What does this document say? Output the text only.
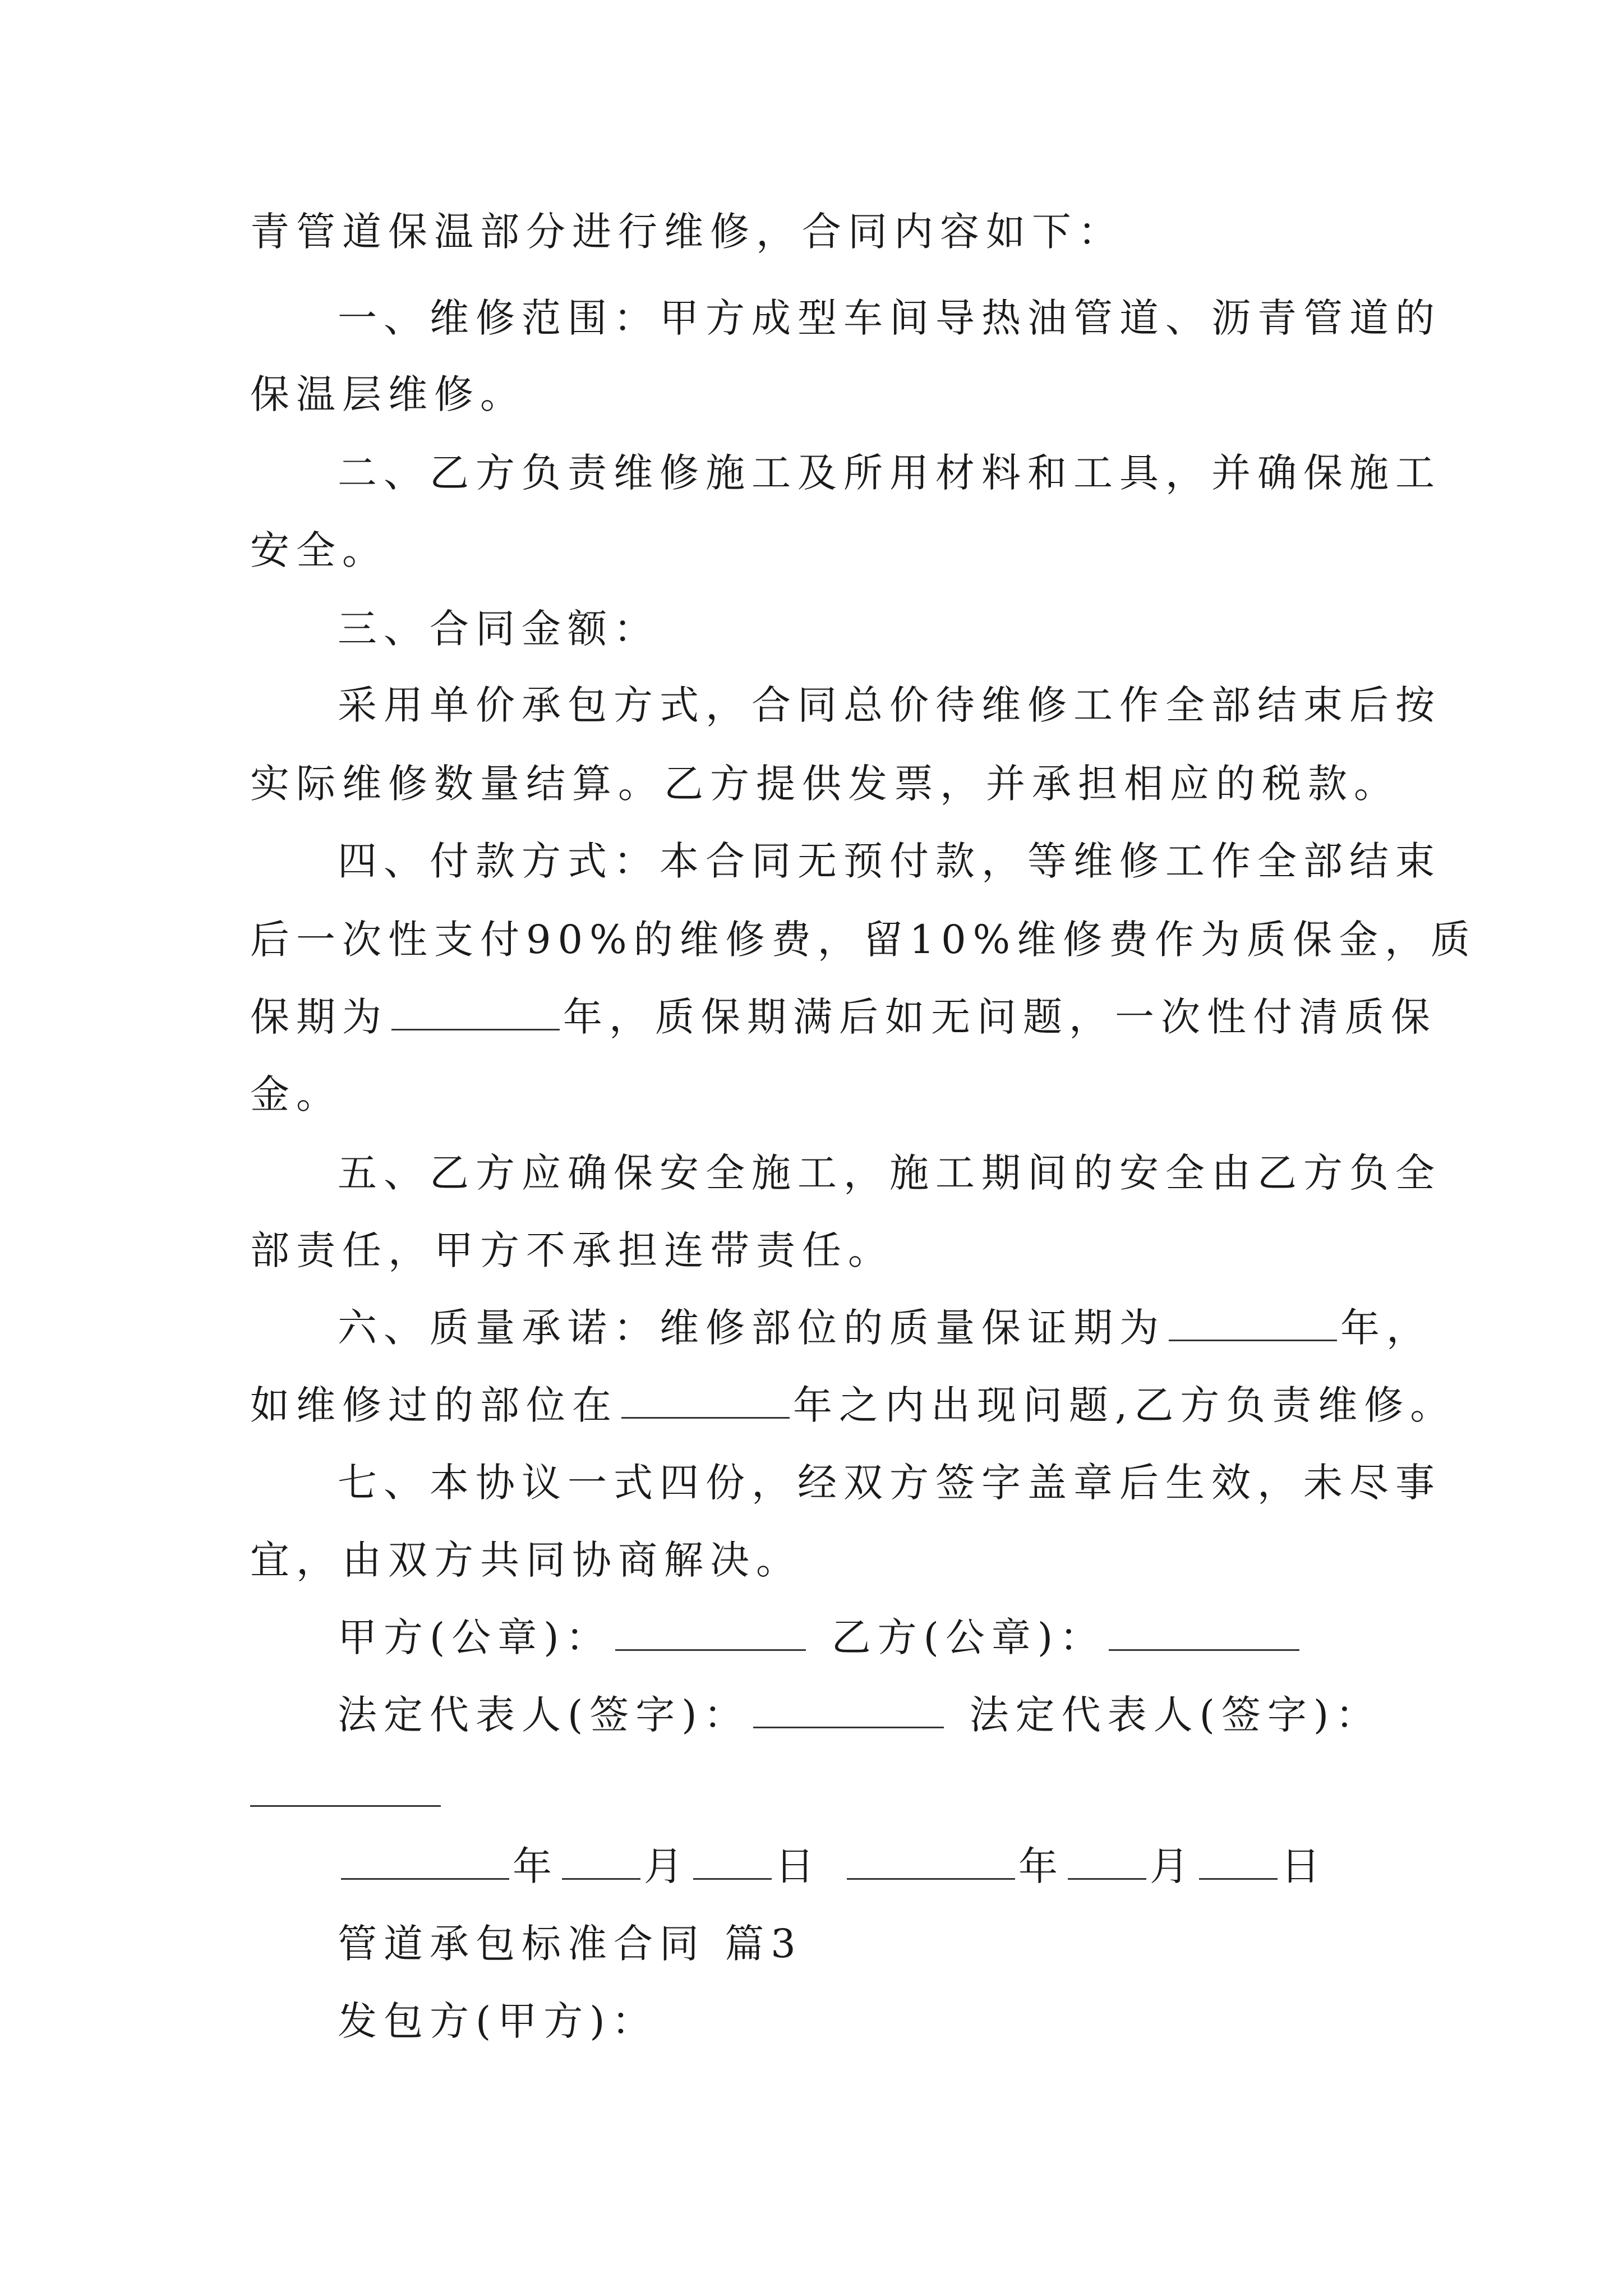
青管道保温部分进行维修，合同内容如下：
一、维修范围：甲方成型车间导热油管道、沥青管道的
保温层维修。
二、乙方负责维修施工及所用材料和工具，并确保施工
安全。
三、合同金额：
采用单价承包方式，合同总价待维修工作全部结束后按
实际维修数量结算。乙方提供发票，并承担相应的税款。
四、付款方式：本合同无预付款，等维修工作全部结束
后一次性支付90%的维修费，留10%维修费作为质保金，质
保期为	年，质保期满后如无问题，一次性付清质保
金。
五、乙方应确保安全施工，施工期间的安全由乙方负全
部责任，甲方不承担连带责任。
六、质量承诺：维修部位的质量保证期为	年，
如维修过的部位在	年之内出现问题,乙方负责维修。
七、本协议一式四份，经双方签字盖章后生效，未尽事
宜，由双方共同协商解决。
甲方(公章)：	乙方(公章)：
法定代表人(签字)：	法定代表人(签字)：
年 月 日	年 月 日
管道承包标准合同 篇3
发包方(甲方)：
